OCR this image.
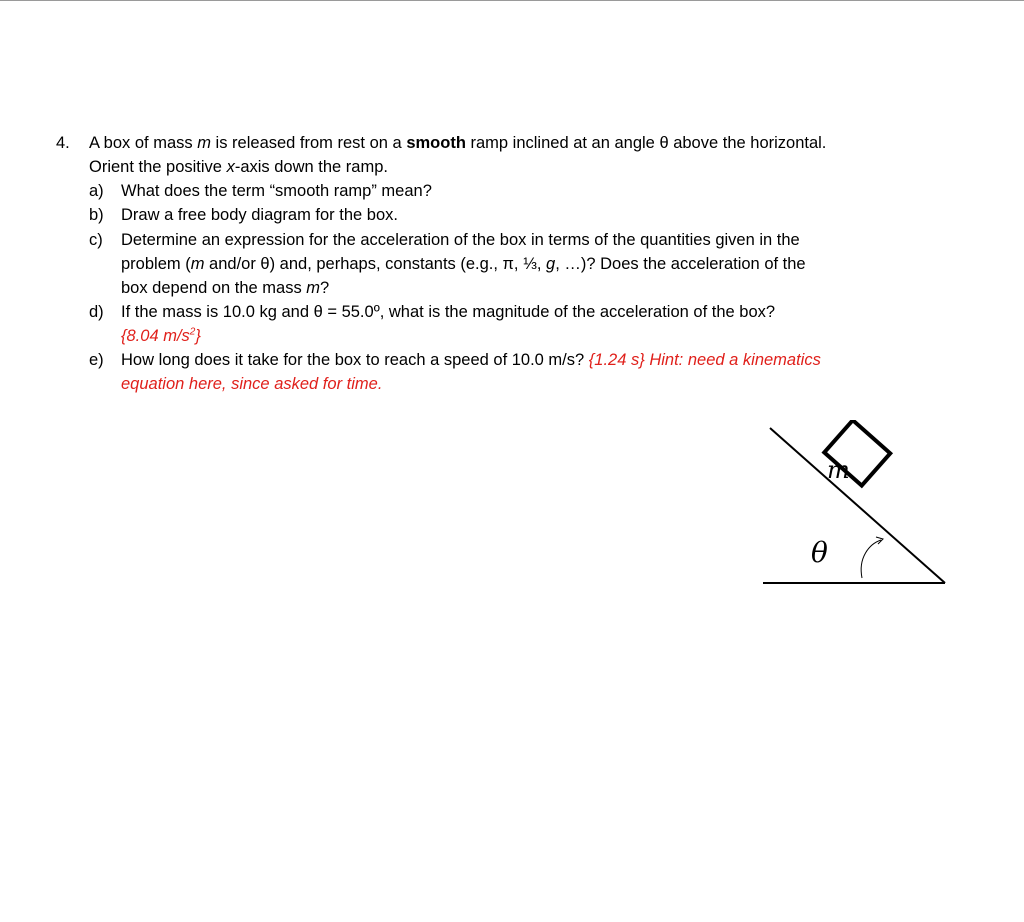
4. A box of mass m is released from rest on a smooth ramp inclined at an angle θ above the horizontal.
Orient the positive x-axis down the ramp.
a) What does the term “smooth ramp” mean?
b) Draw a free body diagram for the box.
c) Determine an expression for the acceleration of the box in terms of the quantities given in the
problem (m and/or θ) and, perhaps, constants (e.g., π, ⅓, g, …)? Does the acceleration of the
box depend on the mass m?
d) If the mass is 10.0 kg and θ = 55.0º, what is the magnitude of the acceleration of the box?
{8.04 $m/s^2$}
e) How long does it take for the box to reach a speed of 10.0 m/s? {1.24 s} Hint: need a kinematics
equation here, since asked for time.
m
θ
